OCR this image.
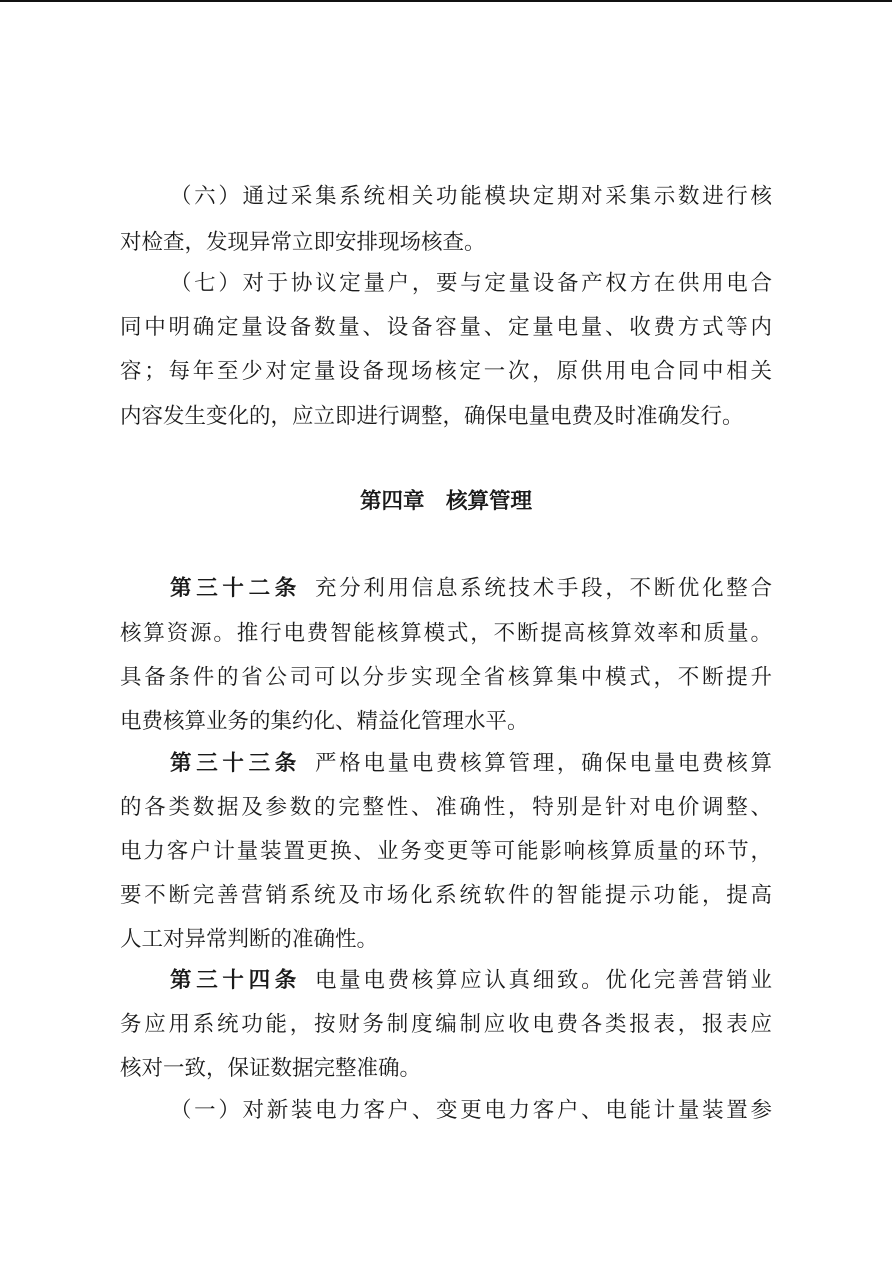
（六）通过采集系统相关功能模块定期对采集示数进行核
对检查，发现异常立即安排现场核查。
（七）对于协议定量户，要与定量设备产权方在供用电合
同中明确定量设备数量、设备容量、定量电量、收费方式等内
容；每年至少对定量设备现场核定一次，原供用电合同中相关
内容发生变化的，应立即进行调整，确保电量电费及时准确发行。
第四章　核算管理
第三十二条 充分利用信息系统技术手段，不断优化整合
核算资源。推行电费智能核算模式，不断提高核算效率和质量。
具备条件的省公司可以分步实现全省核算集中模式，不断提升
电费核算业务的集约化、精益化管理水平。
第三十三条 严格电量电费核算管理，确保电量电费核算
的各类数据及参数的完整性、准确性，特别是针对电价调整、
电力客户计量装置更换、业务变更等可能影响核算质量的环节，
要不断完善营销系统及市场化系统软件的智能提示功能，提高
人工对异常判断的准确性。
第三十四条 电量电费核算应认真细致。优化完善营销业
务应用系统功能，按财务制度编制应收电费各类报表，报表应
核对一致，保证数据完整准确。
（一）对新装电力客户、变更电力客户、电能计量装置参
